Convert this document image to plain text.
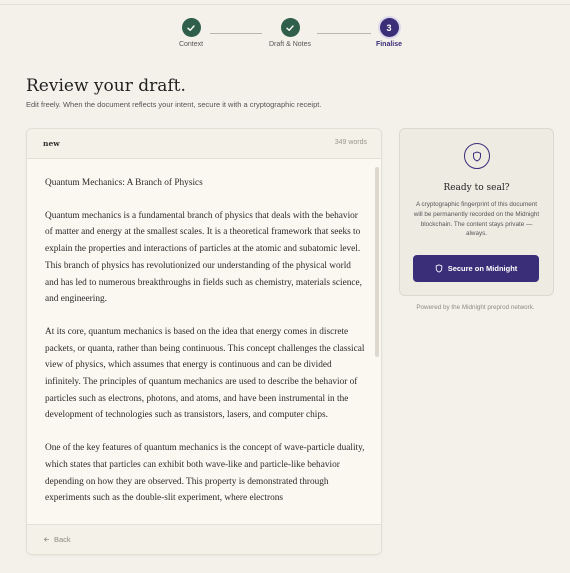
Context	Draft & Notes
3
Finalise
Review your draft.
Edit freely. When the document reflects your intent, secure it with a cryptographic receipt.
new	349 words

Quantum Mechanics: A Branch of Physics

Quantum mechanics is a fundamental branch of physics that deals with the behavior of matter and energy at the smallest scales. It is a theoretical framework that seeks to explain the properties and interactions of particles at the atomic and subatomic level. This branch of physics has revolutionized our understanding of the physical world and has led to numerous breakthroughs in fields such as chemistry, materials science, and engineering.

At its core, quantum mechanics is based on the idea that energy comes in discrete packets, or quanta, rather than being continuous. This concept challenges the classical view of physics, which assumes that energy is continuous and can be divided infinitely. The principles of quantum mechanics are used to describe the behavior of particles such as electrons, photons, and atoms, and have been instrumental in the development of technologies such as transistors, lasers, and computer chips.

One of the key features of quantum mechanics is the concept of wave-particle duality, which states that particles can exhibit both wave-like and particle-like behavior depending on how they are observed. This property is demonstrated through experiments such as the double-slit experiment, where electrons

Back
Ready to seal?
A cryptographic fingerprint of this document will be permanently recorded on the Midnight blockchain. The content stays private — always.
Secure on Midnight
Powered by the Midnight preprod network.
